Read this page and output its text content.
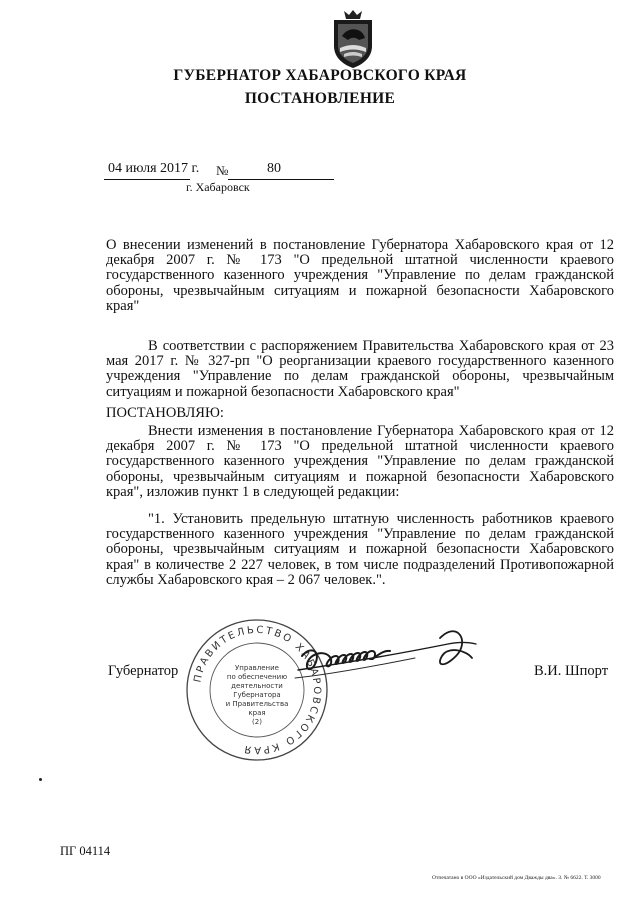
ГУБЕРНАТОР ХАБАРОВСКОГО КРАЯ
ПОСТАНОВЛЕНИЕ
04 июля 2017 г. №	80
г. Хабаровск

О внесении изменений в постановление Губернатора Хабаровского края от 12 декабря 2007 г. № 173 "О предельной штатной численности краевого государственного казенного учреждения "Управление по делам гражданской обороны, чрезвычайным ситуациям и пожарной безопасности Хабаровского края"

В соответствии с распоряжением Правительства Хабаровского края от 23 мая 2017 г. № 327-рп "О реорганизации краевого государственного казенного учреждения "Управление по делам гражданской обороны, чрезвычайным ситуациям и пожарной безопасности Хабаровского края"

ПОСТАНОВЛЯЮ:

Внести изменения в постановление Губернатора Хабаровского края от 12 декабря 2007 г. № 173 "О предельной штатной численности краевого государственного казенного учреждения "Управление по делам гражданской обороны, чрезвычайным ситуациям и пожарной безопасности Хабаровского края", изложив пункт 1 в следующей редакции:

"1. Установить предельную штатную численность работников краевого государственного казенного учреждения "Управление по делам гражданской обороны, чрезвычайным ситуациям и пожарной безопасности Хабаровского края" в количестве 2 227 человек, в том числе подразделений Противопожарной службы Хабаровского края – 2 067 человек.".

ПРАВИТЕЛЬСТВО ХАБАРОВСКОГО КРАЯ
Управление
по обеспечению
деятельности
Губернатора
и Правительства
края
(2)
Губернатор	В.И. Шпорт
ПГ 04114
Отпечатано в ООО «Издательский дом Дважды два». З. № 6622. Т. 3000
